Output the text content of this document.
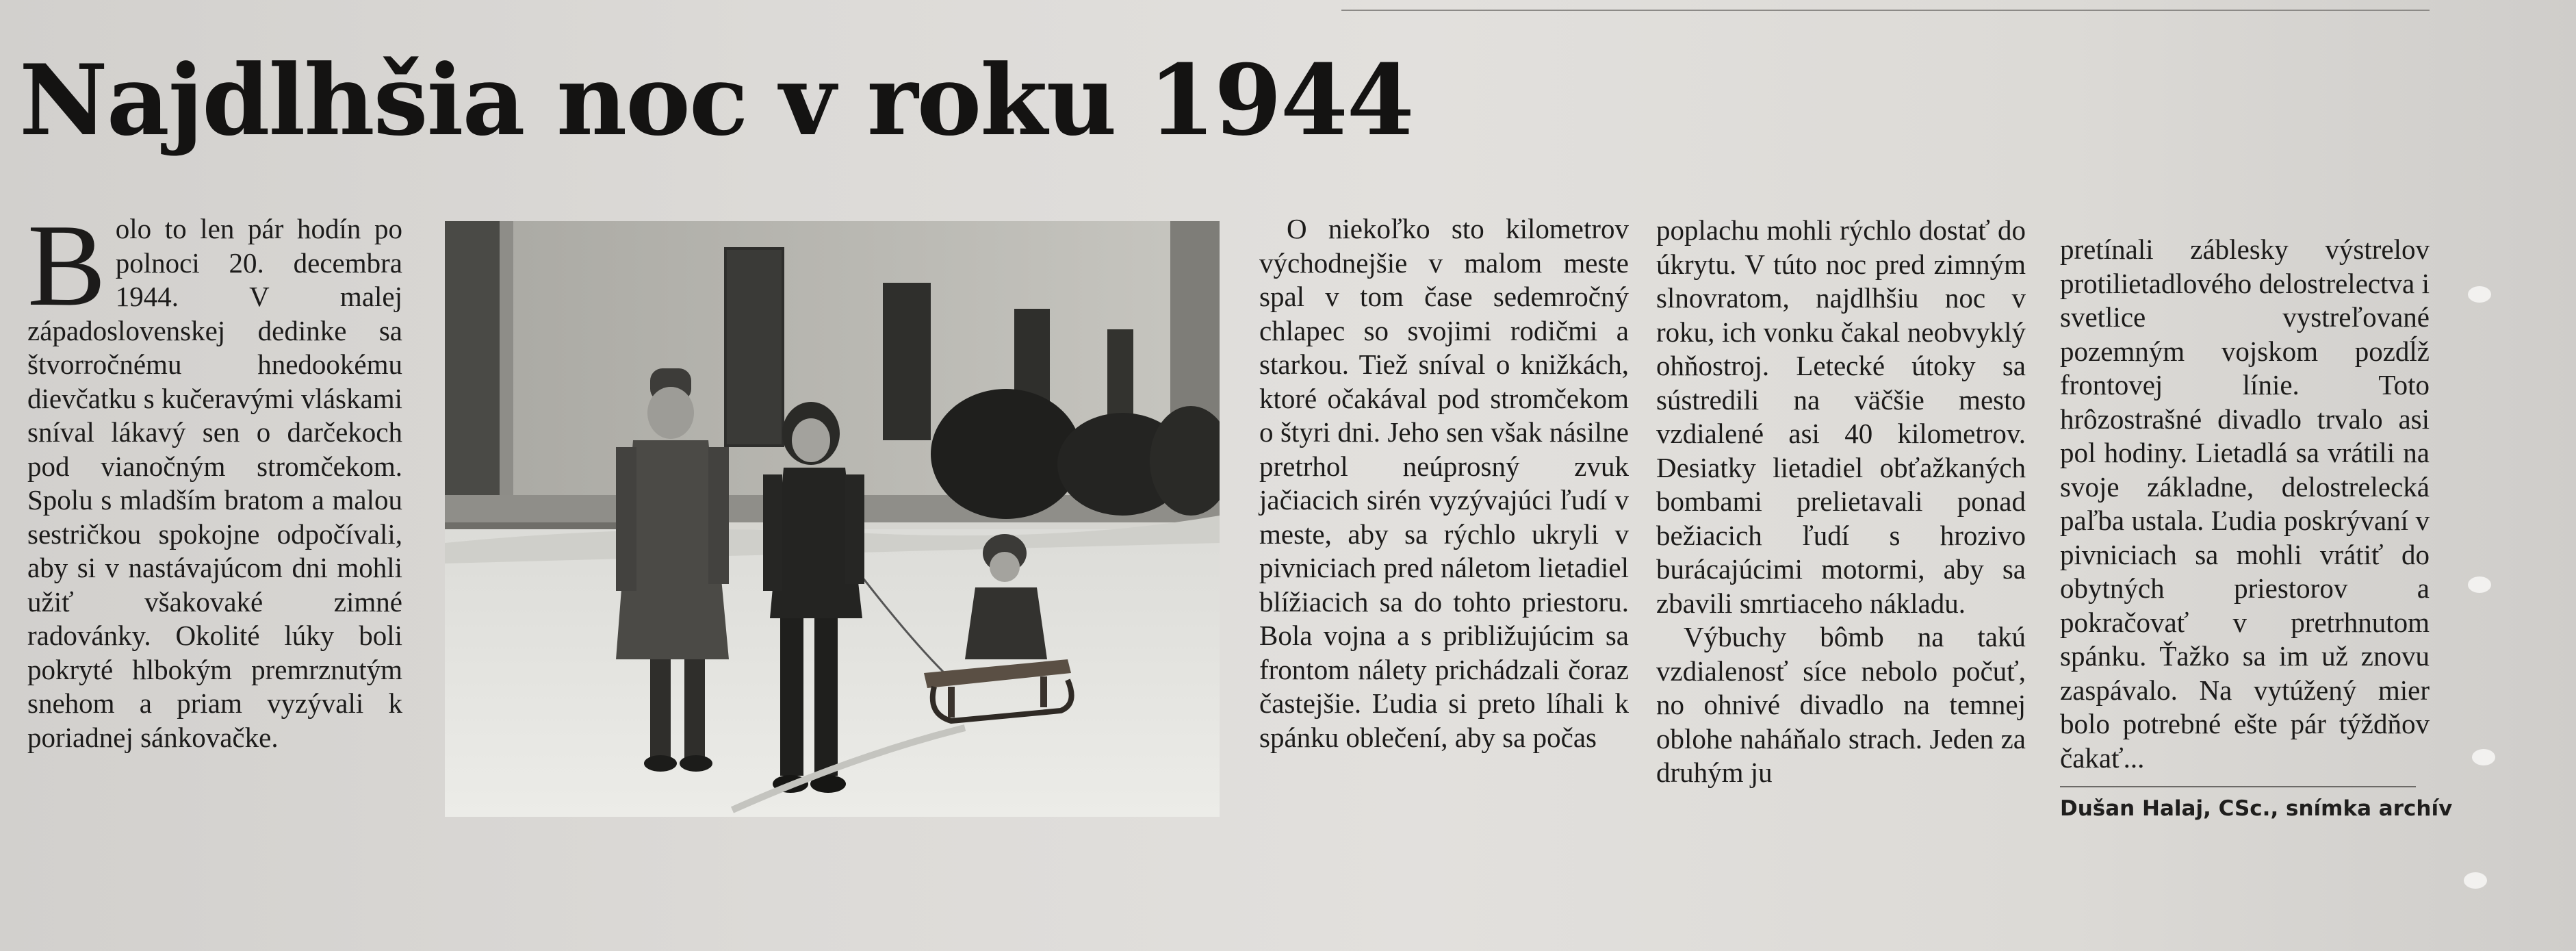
Najdlhšia noc v roku 1944
Bolo to len pár hodín po polnoci 20. decembra 1944. V malej západoslovenskej dedinke sa štvorročnému hnedookému dievčatku s kučeravými vláskami sníval lákavý sen o darčekoch pod vianočným stromčekom. Spolu s mladším bratom a malou sestričkou spokojne odpočívali, aby si v nastávajúcom dni mohli užiť všakovaké zimné radovánky. Okolité lúky boli pokryté hlbokým premrznutým snehom a priam vyzývali k poriadnej sánkovačke.

O niekoľko sto kilometrov východnejšie v malom meste spal v tom čase sedemročný chlapec so svojimi rodičmi a starkou. Tiež sníval o knižkách, ktoré očakával pod stromčekom o štyri dni. Jeho sen však násilne pretrhol neúprosný zvuk jačiacich sirén vyzývajúci ľudí v meste, aby sa rýchlo ukryli v pivniciach pred náletom lietadiel blížiacich sa do tohto priestoru. Bola vojna a s približujúcim sa frontom nálety prichádzali čoraz častejšie. Ľudia si preto líhali k spánku oblečení, aby sa počas

poplachu mohli rýchlo dostať do úkrytu. V túto noc pred zimným slnovratom, najdlhšiu noc v roku, ich vonku čakal neobvyklý ohňostroj. Letecké útoky sa sústredili na väčšie mesto vzdialené asi 40 kilometrov. Desiatky lietadiel obťažkaných bombami prelietavali ponad bežiacich ľudí s hrozivo burácajúcimi motormi, aby sa zbavili smrtiaceho nákladu.

Výbuchy bômb na takú vzdialenosť síce nebolo počuť, no ohnivé divadlo na temnej oblohe naháňalo strach. Jeden za druhým ju

pretínali záblesky výstrelov protilietadlového delostrelectva i svetlice vystreľované pozemným vojskom pozdĺž frontovej línie. Toto hrôzostrašné divadlo trvalo asi pol hodiny. Lietadlá sa vrátili na svoje základne, delostrelecká paľba ustala. Ľudia poskrývaní v pivniciach sa mohli vrátiť do obytných priestorov a pokračovať v pretrhnutom spánku. Ťažko sa im už znovu zaspávalo. Na vytúžený mier bolo potrebné ešte pár týždňov čakať...

Dušan Halaj, CSc., snímka archív
